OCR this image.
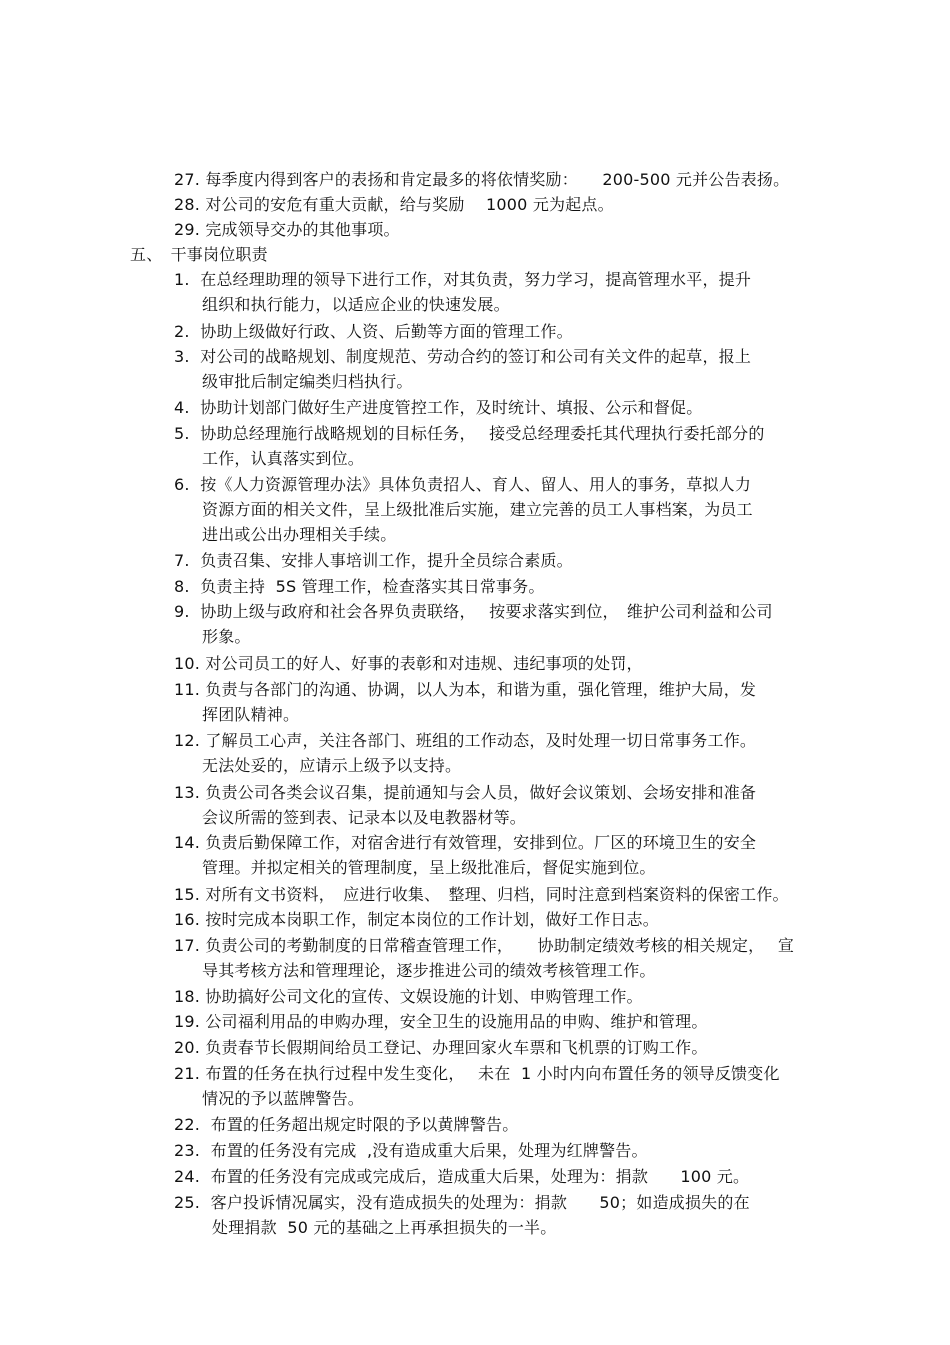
27. 每季度内得到客户的表扬和肯定最多的将依情奖励：　　200-500 元并公告表扬。
28. 对公司的安危有重大贡献，给与奖励　 1000 元为起点。
29. 完成领导交办的其他事项。
五、　干事岗位职责
1.  在总经理助理的领导下进行工作，对其负责，努力学习，提高管理水平，提升
组织和执行能力，以适应企业的快速发展。
2.  协助上级做好行政、人资、后勤等方面的管理工作。
3.  对公司的战略规划、制度规范、劳动合约的签订和公司有关文件的起草，报上
级审批后制定编类归档执行。
4.  协助计划部门做好生产进度管控工作，及时统计、填报、公示和督促。
5.  协助总经理施行战略规划的目标任务，　 接受总经理委托其代理执行委托部分的
工作，认真落实到位。
6.  按《人力资源管理办法》具体负责招人、育人、留人、用人的事务，草拟人力
资源方面的相关文件，呈上级批准后实施，建立完善的员工人事档案，为员工
进出或公出办理相关手续。
7.  负责召集、安排人事培训工作，提升全员综合素质。
8.  负责主持  5S 管理工作，检查落实其日常事务。
9.  协助上级与政府和社会各界负责联络，　 按要求落实到位，　维护公司利益和公司
形象。
10. 对公司员工的好人、好事的表彰和对违规、违纪事项的处罚，
11. 负责与各部门的沟通、协调，以人为本，和谐为重，强化管理，维护大局，发
挥团队精神。
12. 了解员工心声，关注各部门、班组的工作动态，及时处理一切日常事务工作。
无法处妥的，应请示上级予以支持。
13. 负责公司各类会议召集，提前通知与会人员，做好会议策划、会场安排和准备
会议所需的签到表、记录本以及电教器材等。
14. 负责后勤保障工作，对宿舍进行有效管理，安排到位。厂区的环境卫生的安全
管理。并拟定相关的管理制度，呈上级批准后，督促实施到位。
15. 对所有文书资料，　应进行收集、　整理、归档，同时注意到档案资料的保密工作。
16. 按时完成本岗职工作，制定本岗位的工作计划，做好工作日志。
17. 负责公司的考勤制度的日常稽查管理工作，　　协助制定绩效考核的相关规定，　 宣
导其考核方法和管理理论，逐步推进公司的绩效考核管理工作。
18. 协助搞好公司文化的宣传、文娱设施的计划、申购管理工作。
19. 公司福利用品的申购办理，安全卫生的设施用品的申购、维护和管理。
20. 负责春节长假期间给员工登记、办理回家火车票和飞机票的订购工作。
21. 布置的任务在执行过程中发生变化，　 未在  1 小时内向布置任务的领导反馈变化
情况的予以蓝牌警告。
22.  布置的任务超出规定时限的予以黄牌警告。
23.  布置的任务没有完成  ,没有造成重大后果，处理为红牌警告。
24.  布置的任务没有完成或完成后，造成重大后果，处理为：捐款　　100 元。
25.  客户投诉情况属实，没有造成损失的处理为：捐款　　50；如造成损失的在
处理捐款  50 元的基础之上再承担损失的一半。
